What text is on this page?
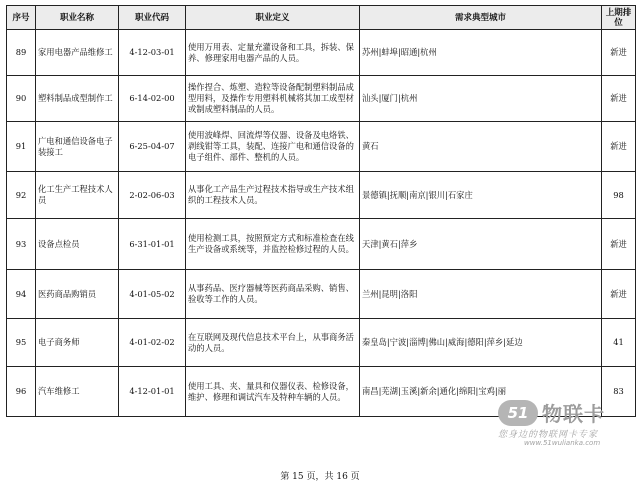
序号	职业名称	职业代码	职业定义	需求典型城市	上期排位
89	家用电器产品维修工	4-12-03-01	使用万用表、定量充灌设备和工具，拆装、保养、修理家用电器产品的人员。	苏州|蚌埠|昭通|杭州	新进
90	塑料制品成型制作工	6-14-02-00	操作捏合、炼塑、造粒等设备配制塑料制品成型用料，及操作专用塑料机械将其加工成型材或制成塑料制品的人员。	汕头|厦门|杭州	新进
91	广电和通信设备电子装接工	6-25-04-07	使用波峰焊、回流焊等仪器、设备及电烙铁、剥线钳等工具，装配、连接广电和通信设备的电子组件、部件、整机的人员。	黄石	新进
92	化工生产工程技术人员	2-02-06-03	从事化工产品生产过程技术指导或生产技术组织的工程技术人员。	景德镇|抚顺|南京|银川|石家庄	98
93	设备点检员	6-31-01-01	使用检测工具，按照预定方式和标准检查在线生产设备或系统等，并监控检修过程的人员。	天津|黄石|萍乡	新进
94	医药商品购销员	4-01-05-02	从事药品、医疗器械等医药商品采购、销售、验收等工作的人员。	兰州|昆明|洛阳	新进
95	电子商务师	4-01-02-02	在互联网及现代信息技术平台上，从事商务活动的人员。	秦皇岛|宁波|淄博|佛山|威海|德阳|萍乡|延边	41
96	汽车维修工	4-12-01-01	使用工具、夹、量具和仪器仪表、检修设备，维护、修理和调试汽车及特种车辆的人员。	南昌|芜湖|玉溪|新余|通化|绵阳|宝鸡|丽	83
51 物联卡
您身边的物联网卡专家
www.51wulianka.com
第 15 页，共 16 页
